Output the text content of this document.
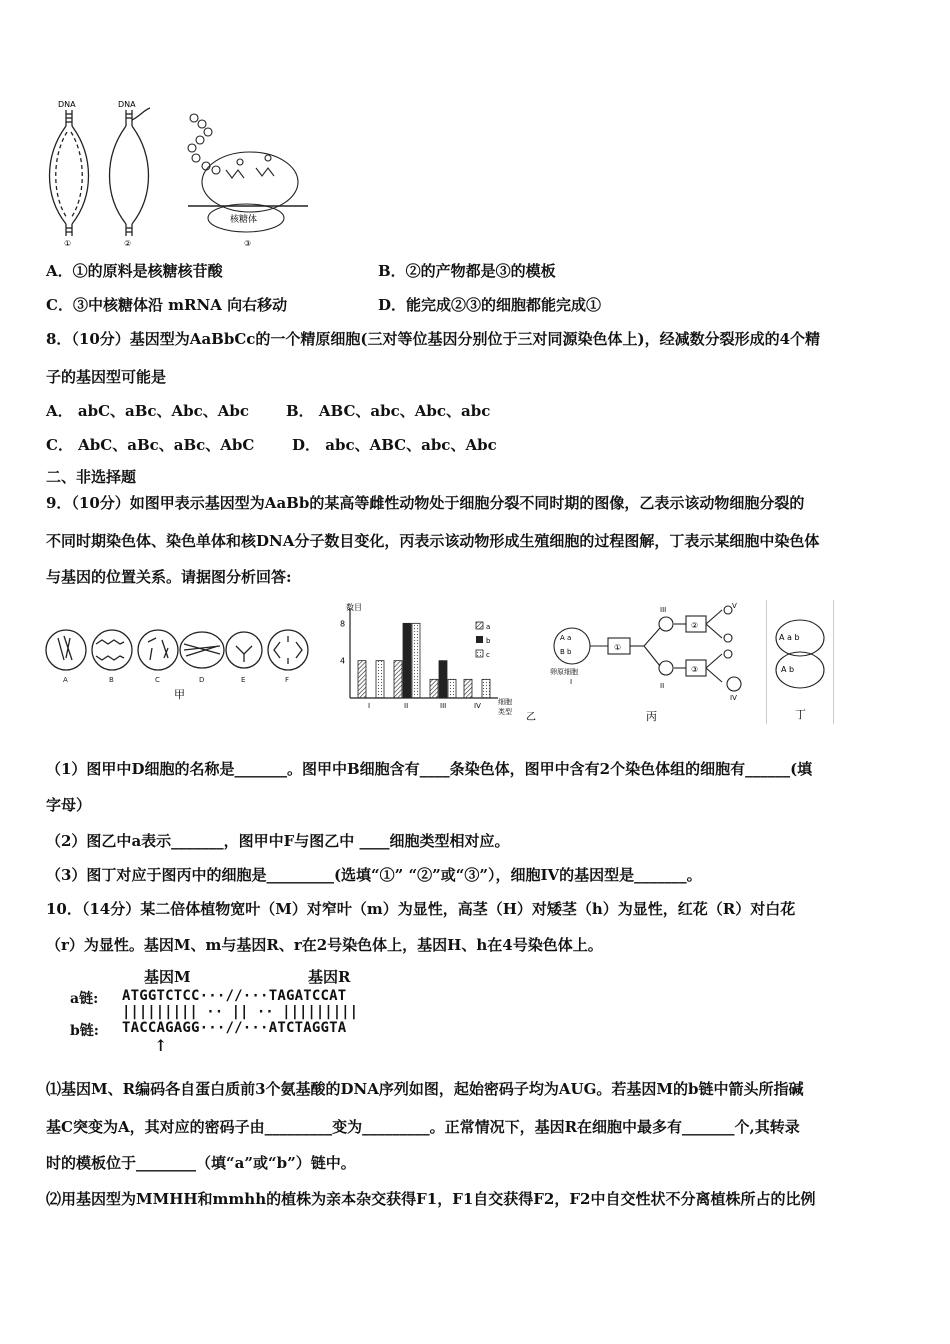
DNA
①
DNA
②
核糖体
③
A．①的原料是核糖核苷酸	B．②的产物都是③的模板
C．③中核糖体沿 mRNA 向右移动	D．能完成②③的细胞都能完成①
8．（10分）基因型为AaBbCc的一个精原细胞(三对等位基因分别位于三对同源染色体上)，经减数分裂形成的4个精
子的基因型可能是
A． abC、aBc、Abc、Abc B． ABC、abc、Abc、abc
C． AbC、aBc、aBc、AbC	D． abc、ABC、abc、Abc
二、非选择题
9．（10分）如图甲表示基因型为AaBb的某高等雌性动物处于细胞分裂不同时期的图像，乙表示该动物细胞分裂的
不同时期染色体、染色单体和核DNA分子数目变化，丙表示该动物形成生殖细胞的过程图解，丁表示某细胞中染色体
与基因的位置关系。请据图分析回答:
A	B	C	D	E	F
甲
数目
8
4
I	II	III	IV 细胞
类型
a
b
c
乙
A a
B b
卵原细胞
I
①
②
③
III
II
V
IV
丙
A a b
A b
丁
（1）图甲中D细胞的名称是_______。图甲中B细胞含有____条染色体，图甲中含有2个染色体组的细胞有______(填
字母）
（2）图乙中a表示_______，图甲中F与图乙中 ____细胞类型相对应。
（3）图丁对应于图丙中的细胞是_________(选填“①” “②”或“③”），细胞IV的基因型是_______。
10．（14分）某二倍体植物宽叶（M）对窄叶（m）为显性，高茎（H）对矮茎（h）为显性，红花（R）对白花
（r）为显性。基因M、m与基因R、r在2号染色体上，基因H、h在4号染色体上。
基因M	基因R
a链: ATGGTCTCC···//···TAGATCCAT
||||||||| ·· || ·· |||||||||
b链: TACCAGAGG···//···ATCTAGGTA
↑
⑴基因M、R编码各自蛋白质前3个氨基酸的DNA序列如图，起始密码子均为AUG。若基因M的b链中箭头所指碱
基C突变为A，其对应的密码子由_________变为_________。正常情况下，基因R在细胞中最多有_______个,其转录
时的模板位于________（填“a”或“b”）链中。
⑵用基因型为MMHH和mmhh的植株为亲本杂交获得F1，F1自交获得F2，F2中自交性状不分离植株所占的比例
